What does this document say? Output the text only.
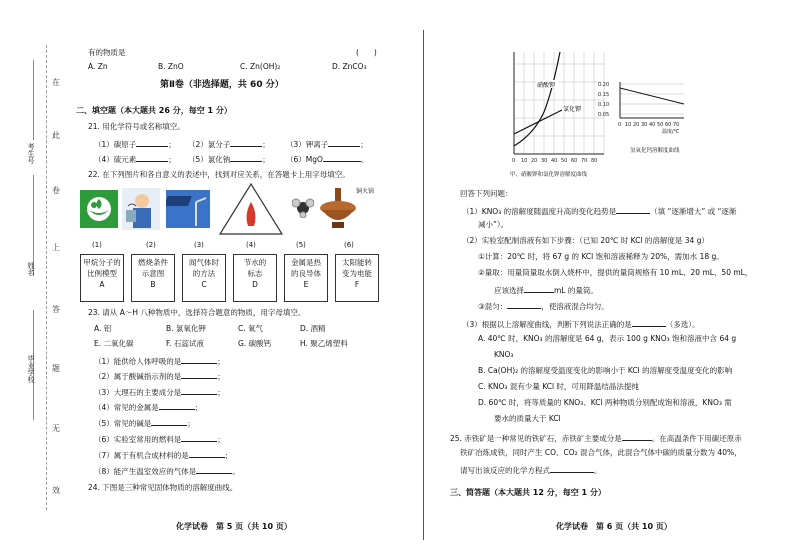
考生号
姓名
毕业学校
在
此
卷
上
答
题
无
效
有的物质是	(　　)
A. Zn	B. ZnO	C. Zn(OH)₂	D. ZnCO₃
第Ⅱ卷（非选择题，共 60 分）
二、填空题（本大题共 26 分，每空 1 分）
21. 用化学符号或名称填空。
（1）碳原子	； （2）氯分子	； （3）钾离子	；
（4）硫元素	； （5）氯化钠	； （6）MgO	。
22. 在下列图片和各自意义的表述中，找到对应关系，在答题卡上用字母填空。
铜火锅
火
(1)	(2)	(3)	(4)	(5)	(6)
甲烷分子的
比例模型
A
燃烧条件
示意图
B
闻气体时
的方法
C
节水的
标志
D
金属是热
的良导体
E
太阳能转
变为电能
F
23. 请从 A～H 八种物质中，选择符合题意的物质，用字母填空。
A. 铝	B. 氯氧化钾	C. 氧气	D. 酒精
E. 二氧化碳	F. 石蕊试液	G. 碳酸钙	H. 聚乙烯塑料
（1）能供给人体呼吸的是	；
（2）属于酸碱指示剂的是	；
（3）大理石的主要成分是	；
（4）常见的金属是	；
（5）常见的碱是	；
（6）实验室常用的燃料是	；
（7）属于有机合成材料的是	；
（8）能产生温室效应的气体是	。
24. 下图是三种常见固体物质的溶解度曲线。
化学试卷　第 5 页（共 10 页）
硝酸钾
氯化钾
0 10 20 30 40 50 60 70 80
甲、硝酸钾和氯化钾溶解度曲线
0.20
0.15
0.10
0.05
0 10 20 30 40 50 60 70
温度/℃
氢氧化钙溶解度曲线
回答下列问题：
（1）KNO₃ 的溶解度随温度升高的变化趋势是	（填 “逐渐增大” 或 “逐渐
减小”）。
（2）实验室配制溶液有如下步骤：（已知 20℃ 时 KCl 的溶解度是 34 g）
①计算：20℃ 时，将 67 g 的 KCl 饱和溶液稀释为 20%，需加水 18 g。
②量取：用量筒量取水倒入烧杯中，提供的量筒规格有 10 mL、20 mL、50 mL，
应该选择	mL 的量筒。
③混匀：	，使溶液混合均匀。
（3）根据以上溶解度曲线，判断下列说法正确的是	（多选）。
A. 40℃ 时，KNO₃ 的溶解度是 64 g，表示 100 g KNO₃ 饱和溶液中含 64 g
KNO₃
B. Ca(OH)₂ 的溶解度受温度变化的影响小于 KCl 的溶解度受温度变化的影响
C. KNO₃ 混有少量 KCl 时，可用降温结晶法提纯
D. 60℃ 时，将等质量的 KNO₃、KCl 两种物质分别配成饱和溶液，KNO₃ 需
要水的质量大于 KCl
25. 赤铁矿是一种常见的铁矿石，赤铁矿主要成分是	。在高温条件下用碳还原赤
铁矿冶炼成铁，同时产生 CO、CO₂ 混合气体，此混合气体中碳的质量分数为 40%，
请写出该反应的化学方程式	。
三、简答题（本大题共 12 分，每空 1 分）
化学试卷　第 6 页（共 10 页）
